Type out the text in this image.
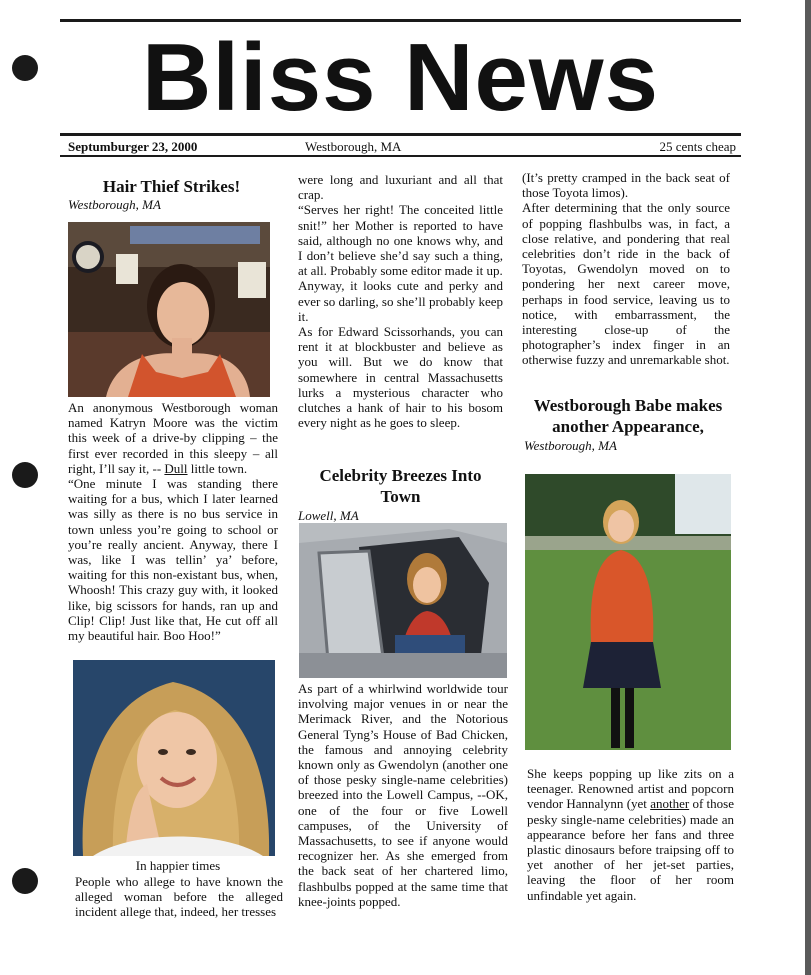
Bliss News
Septumburger 23, 2000	Westborough, MA	25 cents cheap
Hair Thief Strikes!

Westborough, MA

An anonymous Westborough woman named Katryn Moore was the victim this week of a drive-by clipping – the first ever recorded in this sleepy – all right, I’ll say it, -- Dull little town.

“One minute I was standing there waiting for a bus, which I later learned was silly as there is no bus service in town unless you’re going to school or you’re really ancient. Anyway, there I was, like I was tellin’ ya’ before, waiting for this non-existant bus, when, Whoosh! This crazy guy with, it looked like, big scissors for hands, ran up and Clip! Clip! Just like that, He cut off all my beautiful hair. Boo Hoo!”

In happier times

People who allege to have known the alleged woman before the alleged incident allege that, indeed, her tresses

were long and luxuriant and all that crap.

“Serves her right! The conceited little snit!” her Mother is reported to have said, although no one knows why, and I don’t believe she’d say such a thing, at all. Probably some editor made it up.

Anyway, it looks cute and perky and ever so darling, so she’ll probably keep it.

As for Edward Scissorhands, you can rent it at blockbuster and believe as you will. But we do know that somewhere in central Massachusetts lurks a mysterious character who clutches a hank of hair to his bosom every night as he goes to sleep.

Celebrity Breezes Into Town

Lowell, MA

As part of a whirlwind worldwide tour involving major venues in or near the Merimack River, and the Notorious General Tyng’s House of Bad Chicken, the famous and annoying celebrity known only as Gwendolyn (another one of those pesky single-name celebrities) breezed into the Lowell Campus, --OK, one of the four or five Lowell campuses, of the University of Massachusetts, to see if anyone would recognizer her. As she emerged from the back seat of her chartered limo, flashbulbs popped at the same time that knee-joints popped.

(It’s pretty cramped in the back seat of those Toyota limos).

After determining that the only source of popping flashbulbs was, in fact, a close relative, and pondering that real celebrities don’t ride in the back of Toyotas, Gwendolyn moved on to pondering her next career move, perhaps in food service, leaving us to notice, with embarrassment, the interesting close-up of the photographer’s index finger in an otherwise fuzzy and unremarkable shot.

Westborough Babe makes another Appearance,

Westborough, MA

She keeps popping up like zits on a teenager. Renowned artist and popcorn vendor Hannalynn (yet another of those pesky single-name celebrities) made an appearance before her fans and three plastic dinosaurs before traipsing off to yet another of her jet-set parties, leaving the floor of her room unfindable yet again.
